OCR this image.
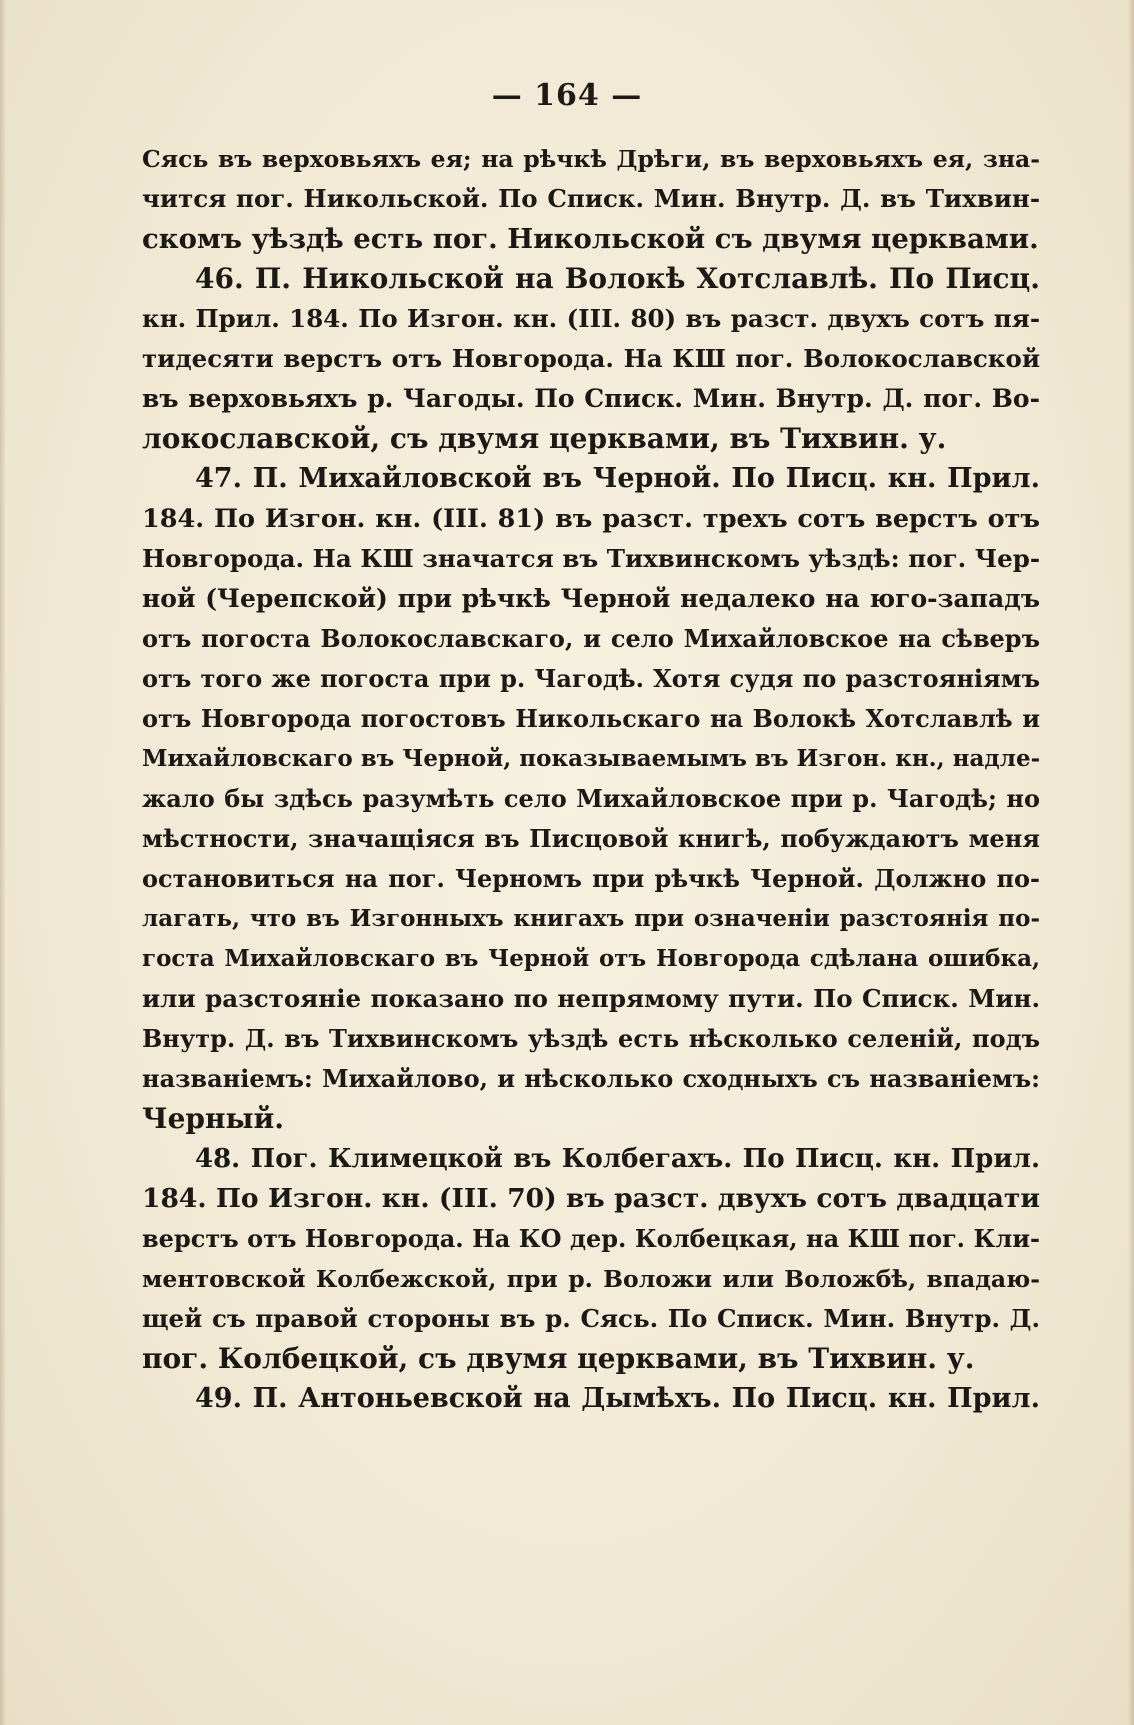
— 164 —
Сясь въ верховьяхъ ея; на рѣчкѣ Дрѣги, въ верховьяхъ ея, зна-
чится пог. Никольской. По Списк. Мин. Внутр. Д. въ Тихвин-
скомъ уѣздѣ есть пог. Никольской съ двумя церквами.
46. П. Никольской на Волокѣ Хотславлѣ. По Писц.
кн. Прил. 184. По Изгон. кн. (III. 80) въ разст. двухъ сотъ пя-
тидесяти верстъ отъ Новгорода. На КШ пог. Волокославской
въ верховьяхъ р. Чагоды. По Списк. Мин. Внутр. Д. пог. Во-
локославской, съ двумя церквами, въ Тихвин. у.
47. П. Михайловской въ Черной. По Писц. кн. Прил.
184. По Изгон. кн. (III. 81) въ разст. трехъ сотъ верстъ отъ
Новгорода. На КШ значатся въ Тихвинскомъ уѣздѣ: пог. Чер-
ной (Черепской) при рѣчкѣ Черной недалеко на юго-западъ
отъ погоста Волокославскаго, и село Михайловское на сѣверъ
отъ того же погоста при р. Чагодѣ. Хотя судя по разстояніямъ
отъ Новгорода погостовъ Никольскаго на Волокѣ Хотславлѣ и
Михайловскаго въ Черной, показываемымъ въ Изгон. кн., надле-
жало бы здѣсь разумѣть село Михайловское при р. Чагодѣ; но
мѣстности, значащіяся въ Писцовой книгѣ, побуждаютъ меня
остановиться на пог. Черномъ при рѣчкѣ Черной. Должно по-
лагать, что въ Изгонныхъ книгахъ при означеніи разстоянія по-
госта Михайловскаго въ Черной отъ Новгорода сдѣлана ошибка,
или разстояніе показано по непрямому пути. По Списк. Мин.
Внутр. Д. въ Тихвинскомъ уѣздѣ есть нѣсколько селеній, подъ
названіемъ: Михайлово, и нѣсколько сходныхъ съ названіемъ:
Черный.
48. Пог. Климецкой въ Колбегахъ. По Писц. кн. Прил.
184. По Изгон. кн. (III. 70) въ разст. двухъ сотъ двадцати
верстъ отъ Новгорода. На КО дер. Колбецкая, на КШ пог. Кли-
ментовской Колбежской, при р. Воложи или Воложбѣ, впадаю-
щей съ правой стороны въ р. Сясь. По Списк. Мин. Внутр. Д.
пог. Колбецкой, съ двумя церквами, въ Тихвин. у.
49. П. Антоньевской на Дымѣхъ. По Писц. кн. Прил.
